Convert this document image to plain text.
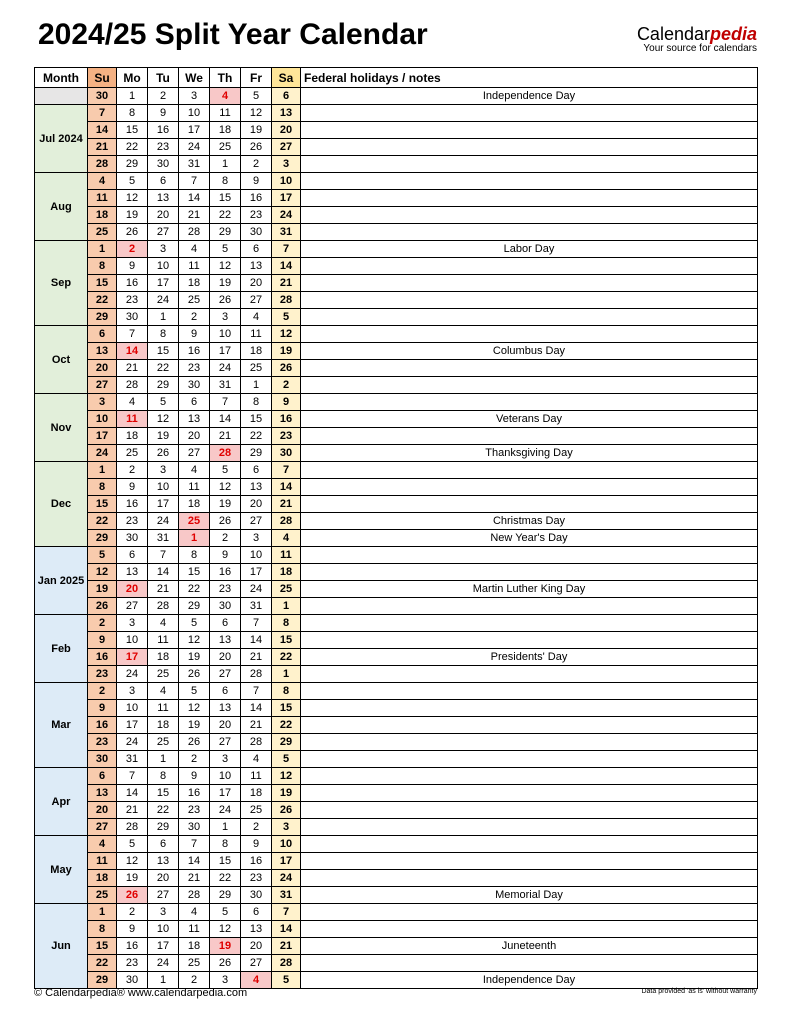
2024/25 Split Year Calendar	Calendarpedia
Your source for calendars
Month	Su	Mo	Tu	We	Th	Fr	Sa	Federal holidays / notes
	30	1	2	3	4	5	6	Independence Day
Jul 2024	7	8	9	10	11	12	13	
	14	15	16	17	18	19	20	
	21	22	23	24	25	26	27	
	28	29	30	31	1	2	3	
Aug	4	5	6	7	8	9	10	
	11	12	13	14	15	16	17	
	18	19	20	21	22	23	24	
	25	26	27	28	29	30	31	
Sep	1	2	3	4	5	6	7	Labor Day
	8	9	10	11	12	13	14	
	15	16	17	18	19	20	21	
	22	23	24	25	26	27	28	
	29	30	1	2	3	4	5	
Oct	6	7	8	9	10	11	12	
	13	14	15	16	17	18	19	Columbus Day
	20	21	22	23	24	25	26	
	27	28	29	30	31	1	2	
Nov	3	4	5	6	7	8	9	
	10	11	12	13	14	15	16	Veterans Day
	17	18	19	20	21	22	23	
	24	25	26	27	28	29	30	Thanksgiving Day
Dec	1	2	3	4	5	6	7	
	8	9	10	11	12	13	14	
	15	16	17	18	19	20	21	
	22	23	24	25	26	27	28	Christmas Day
	29	30	31	1	2	3	4	New Year's Day
Jan 2025	5	6	7	8	9	10	11	
	12	13	14	15	16	17	18	
	19	20	21	22	23	24	25	Martin Luther King Day
	26	27	28	29	30	31	1	
Feb	2	3	4	5	6	7	8	
	9	10	11	12	13	14	15	
	16	17	18	19	20	21	22	Presidents' Day
	23	24	25	26	27	28	1	
Mar	2	3	4	5	6	7	8	
	9	10	11	12	13	14	15	
	16	17	18	19	20	21	22	
	23	24	25	26	27	28	29	
	30	31	1	2	3	4	5	
Apr	6	7	8	9	10	11	12	
	13	14	15	16	17	18	19	
	20	21	22	23	24	25	26	
	27	28	29	30	1	2	3	
May	4	5	6	7	8	9	10	
	11	12	13	14	15	16	17	
	18	19	20	21	22	23	24	
	25	26	27	28	29	30	31	Memorial Day
Jun	1	2	3	4	5	6	7	
	8	9	10	11	12	13	14	
	15	16	17	18	19	20	21	Juneteenth
	22	23	24	25	26	27	28	
	29	30	1	2	3	4	5	Independence Day
© Calendarpedia® www.calendarpedia.com	Data provided 'as is' without warranty
